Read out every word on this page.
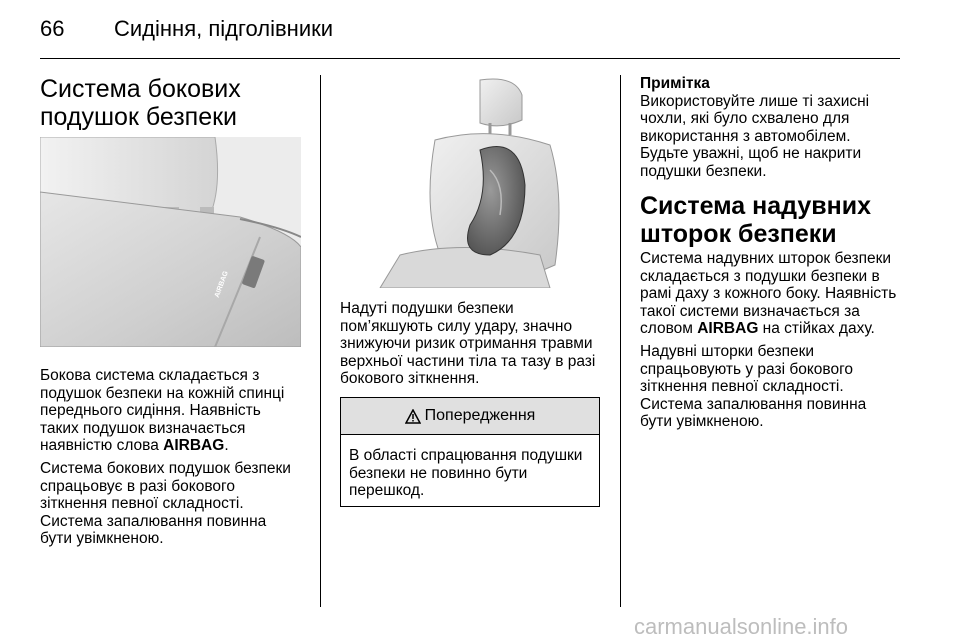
66 Сидіння, підголівники
Система бокових
подушок безпеки
AIRBAG
Бокова система складається з
подушок безпеки на кожній спинці
переднього сидіння. Наявність
таких подушок визначається
наявністю слова AIRBAG.
Система бокових подушок безпеки
спрацьовує в разі бокового
зіткнення певної складності.
Система запалювання повинна
бути увімкненою.
Надуті подушки безпеки
пом’якшують силу удару, значно
знижуючи ризик отримання травми
верхньої частини тіла та тазу в разі
бокового зіткнення.
Попередження
В області спрацювання подушки
безпеки не повинно бути
перешкод.
Примітка
Використовуйте лише ті захисні
чохли, які було схвалено для
використання з автомобілем.
Будьте уважні, щоб не накрити
подушки безпеки.
Система надувних
шторок безпеки
Система надувних шторок безпеки
складається з подушки безпеки в
рамі даху з кожного боку. Наявність
такої системи визначається за
словом AIRBAG на стійках даху.
Надувні шторки безпеки
спрацьовують у разі бокового
зіткнення певної складності.
Система запалювання повинна
бути увімкненою.
carmanualsonline.info
